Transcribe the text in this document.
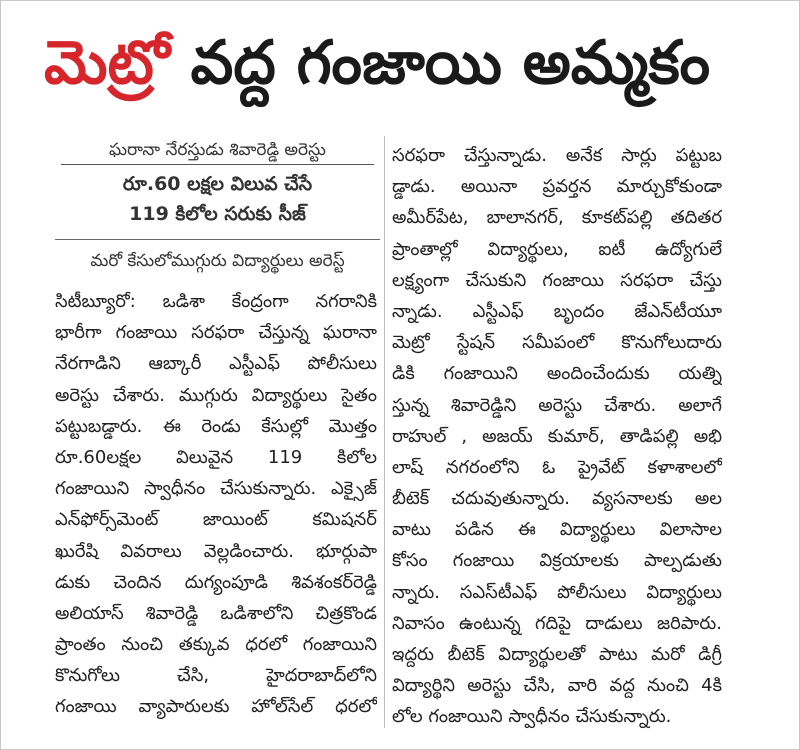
మెట్రో వద్ద గంజాయి అమ్మకం
ఘరానా నేరస్తుడు శివారెడ్డి అరెస్టు
రూ.60 లక్షల విలువ చేసే
119 కిలోల సరుకు సీజ్
మరో కేసులోముగ్గురు విద్యార్థులు అరెస్ట్
సిటీబ్యూరో: ఒడిశా కేంద్రంగా నగరానికి
భారీగా గంజాయి సరఫరా చేస్తున్న ఘరానా
నేరగాడిని ఆబ్కారీ ఎస్టీఎఫ్ పోలీసులు
అరెస్టు చేశారు. ముగ్గురు విద్యార్థులు సైతం
పట్టుబడ్డారు. ఈ రెండు కేసుల్లో మొత్తం
రూ.60లక్షల విలువైన 119 కిలోల
గంజాయిని స్వాధీనం చేసుకున్నారు. ఎక్సైజ్
ఎన్‌ఫోర్స్‌మెంట్ జాయింట్ కమిషనర్
ఖురేషి వివరాలు వెల్లడించారు. భూర్గుపా
డుకు చెందిన దుగ్యంపూడి శివశంకర్‌రెడ్డి
అలియాస్ శివారెడ్డి ఒడిశాలోని చిత్రకొండ
ప్రాంతం నుంచి తక్కువ ధరలో గంజాయిని
కొనుగోలు చేసి, హైదరాబాద్‌లోని
గంజాయి వ్యాపారులకు హోల్‌సేల్ ధరలో
సరఫరా చేస్తున్నాడు. అనేక సార్లు పట్టుబ
డ్డాడు. అయినా ప్రవర్తన మార్చుకోకుండా
అమీర్‌పేట, బాలానగర్, కూకట్‌పల్లి తదితర
ప్రాంతాల్లో విద్యార్థులు, ఐటీ ఉద్యోగులే
లక్ష్యంగా చేసుకుని గంజాయి సరఫరా చేస్తు
న్నాడు. ఎస్టీఎఫ్ బృందం జేఎన్‌టీయూ
మెట్రో స్టేషన్ సమీపంలో కొనుగోలుదారు
డికి గంజాయిని అందించేందుకు యత్ని
స్తున్న శివారెడ్డిని అరెస్టు చేశారు. అలాగే
రాహుల్ , అజయ్ కుమార్, తాడిపల్లి అభి
లాష్ నగరంలోని ఓ ప్రైవేట్ కళాశాలలో
బీటెక్ చదువుతున్నారు. వ్యసనాలకు అల
వాటు పడిన ఈ విద్యార్థులు విలాసాల
కోసం గంజాయి విక్రయాలకు పాల్పడుతు
న్నారు. సఎస్‌టీఎఫ్ పోలీసులు విద్యార్థులు
నివాసం ఉంటున్న గదిపై దాడులు జరిపారు.
ఇద్దరు బీటెక్ విద్యార్థులతో పాటు మరో డిగ్రీ
విద్యార్థిని అరెస్టు చేసి, వారి వద్ద నుంచి 4కి
లోల గంజాయిని స్వాధీనం చేసుకున్నారు.
